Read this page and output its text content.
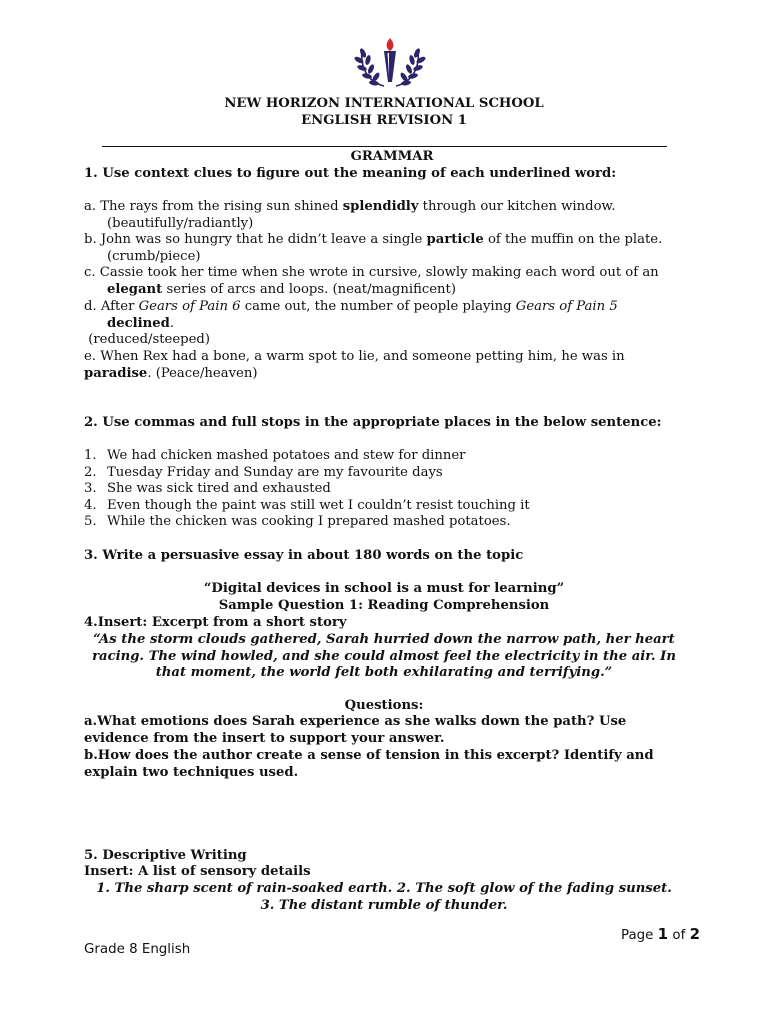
NEW HORIZON INTERNATIONAL SCHOOL
ENGLISH REVISION 1
GRAMMAR
1. Use context clues to figure out the meaning of each underlined word:
a. The rays from the rising sun shined splendidly through our kitchen window.
(beautifully/radiantly)
b. John was so hungry that he didn’t leave a single particle of the muffin on the plate.
(crumb/piece)
c. Cassie took her time when she wrote in cursive, slowly making each word out of an
elegant series of arcs and loops. (neat/magnificent)
d. After Gears of Pain 6 came out, the number of people playing Gears of Pain 5
declined.
(reduced/steeped)
e. When Rex had a bone, a warm spot to lie, and someone petting him, he was in
paradise. (Peace/heaven)
2. Use commas and full stops in the appropriate places in the below sentence:
1. We had chicken mashed potatoes and stew for dinner
2. Tuesday Friday and Sunday are my favourite days
3. She was sick tired and exhausted
4. Even though the paint was still wet I couldn’t resist touching it
5. While the chicken was cooking I prepared mashed potatoes.
3. Write a persuasive essay in about 180 words on the topic
“Digital devices in school is a must for learning”
Sample Question 1: Reading Comprehension
4.Insert: Excerpt from a short story
“As the storm clouds gathered, Sarah hurried down the narrow path, her heart
racing. The wind howled, and she could almost feel the electricity in the air. In
that moment, the world felt both exhilarating and terrifying.”
Questions:
a.What emotions does Sarah experience as she walks down the path? Use
evidence from the insert to support your answer.
b.How does the author create a sense of tension in this excerpt? Identify and
explain two techniques used.
5. Descriptive Writing
Insert: A list of sensory details
1. The sharp scent of rain-soaked earth. 2. The soft glow of the fading sunset.
3. The distant rumble of thunder.
Page 1 of 2
Grade 8 English
